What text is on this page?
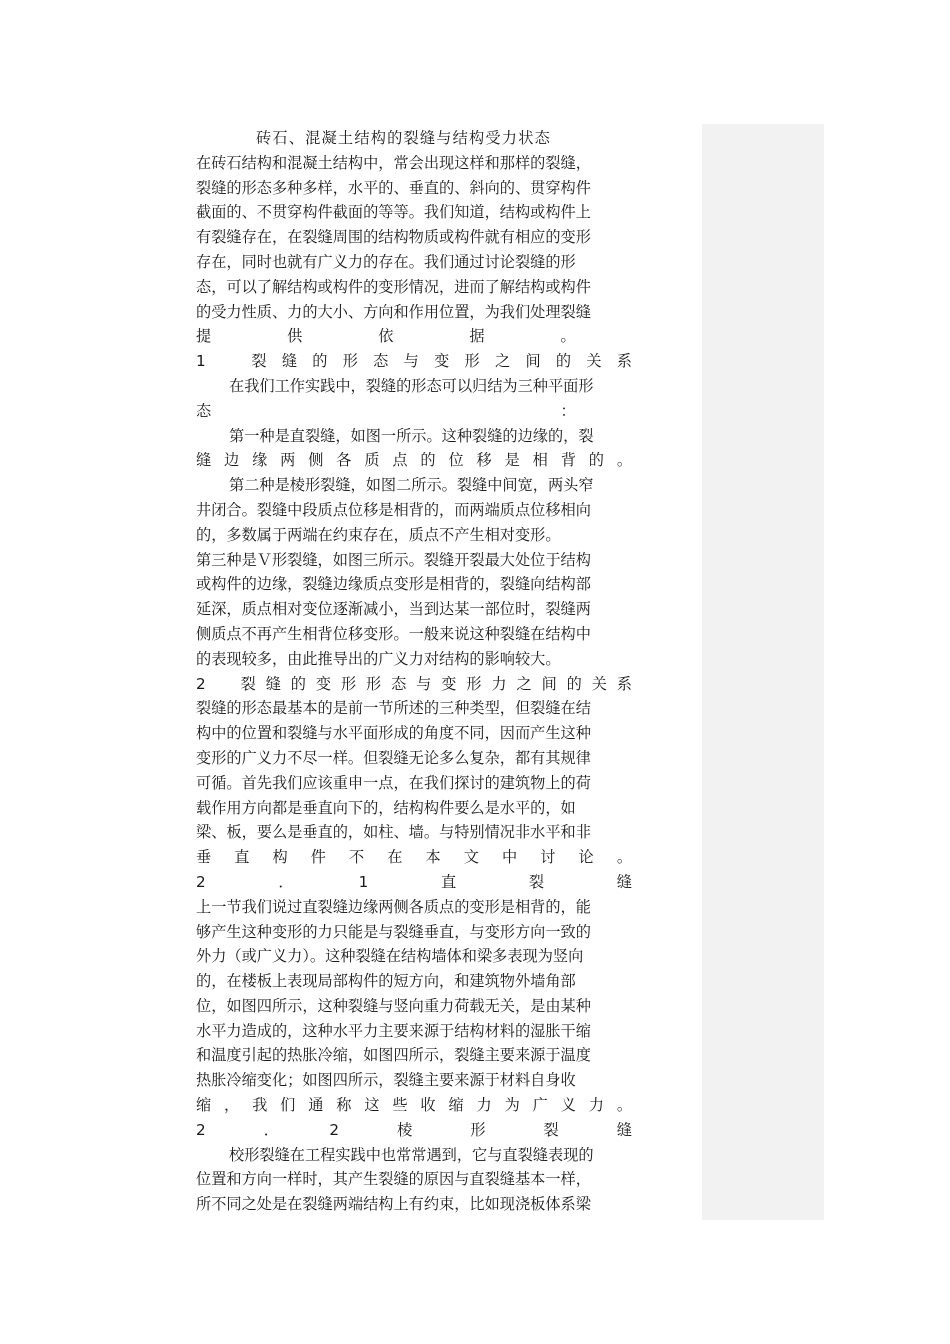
砖石、混凝土结构的裂缝与结构受力状态
在砖石结构和混凝土结构中，常会出现这样和那样的裂缝，
裂缝的形态多种多样，水平的、垂直的、斜向的、贯穿构件
截面的、不贯穿构件截面的等等。我们知道，结构或构件上
有裂缝存在，在裂缝周围的结构物质或构件就有相应的变形
存在，同时也就有广义力的存在。我们通过讨论裂缝的形
态，可以了解结构或构件的变形情况，进而了解结构或构件
的受力性质、力的大小、方向和作用位置，为我们处理裂缝
提　　　　　供　　　　　依　　　　　据　　　　　。
1　裂缝的形态与变形之间的关系
在我们工作实践中，裂缝的形态可以归结为三种平面形
态　　　　　　　　　　　　　　　　　　　　　　　：
第一种是直裂缝，如图一所示。这种裂缝的边缘的，裂
缝边缘两侧各质点的位移是相背的。
第二种是棱形裂缝，如图二所示。裂缝中间宽，两头窄
井闭合。裂缝中段质点位移是相背的，而两端质点位移相向
的，多数属于两端在约束存在，质点不产生相对变形。
第三种是Ｖ形裂缝，如图三所示。裂缝开裂最大处位于结构
或构件的边缘，裂缝边缘质点变形是相背的，裂缝向结构部
延深，质点相对变位逐渐减小，当到达某一部位时，裂缝两
侧质点不再产生相背位移变形。一般来说这种裂缝在结构中
的表现较多，由此推导出的广义力对结构的影响较大。
2　裂缝的变形形态与变形力之间的关系
裂缝的形态最基本的是前一节所述的三种类型，但裂缝在结
构中的位置和裂缝与水平面形成的角度不同，因而产生这种
变形的广义力不尽一样。但裂缝无论多么复杂，都有其规律
可循。首先我们应该重申一点，在我们探讨的建筑物上的荷
载作用方向都是垂直向下的，结构构件要么是水平的，如
梁、板，要么是垂直的，如柱、墙。与特别情况非水平和非
垂直构件不在本文中讨论。
2　．　1　直　裂　缝
上一节我们说过直裂缝边缘两侧各质点的变形是相背的，能
够产生这种变形的力只能是与裂缝垂直，与变形方向一致的
外力（或广义力）。这种裂缝在结构墙体和梁多表现为竖向
的，在楼板上表现局部构件的短方向，和建筑物外墙角部
位，如图四所示，这种裂缝与竖向重力荷载无关，是由某种
水平力造成的，这种水平力主要来源于结构材料的湿胀干缩
和温度引起的热胀冷缩，如图四所示，裂缝主要来源于温度
热胀冷缩变化；如图四所示，裂缝主要来源于材料自身收
缩，我们通称这些收缩力为广义力。
2　．　2　棱　形　裂　缝
校形裂缝在工程实践中也常常遇到，它与直裂缝表现的
位置和方向一样时，其产生裂缝的原因与直裂缝基本一样，
所不同之处是在裂缝两端结构上有约束，比如现浇板体系梁
